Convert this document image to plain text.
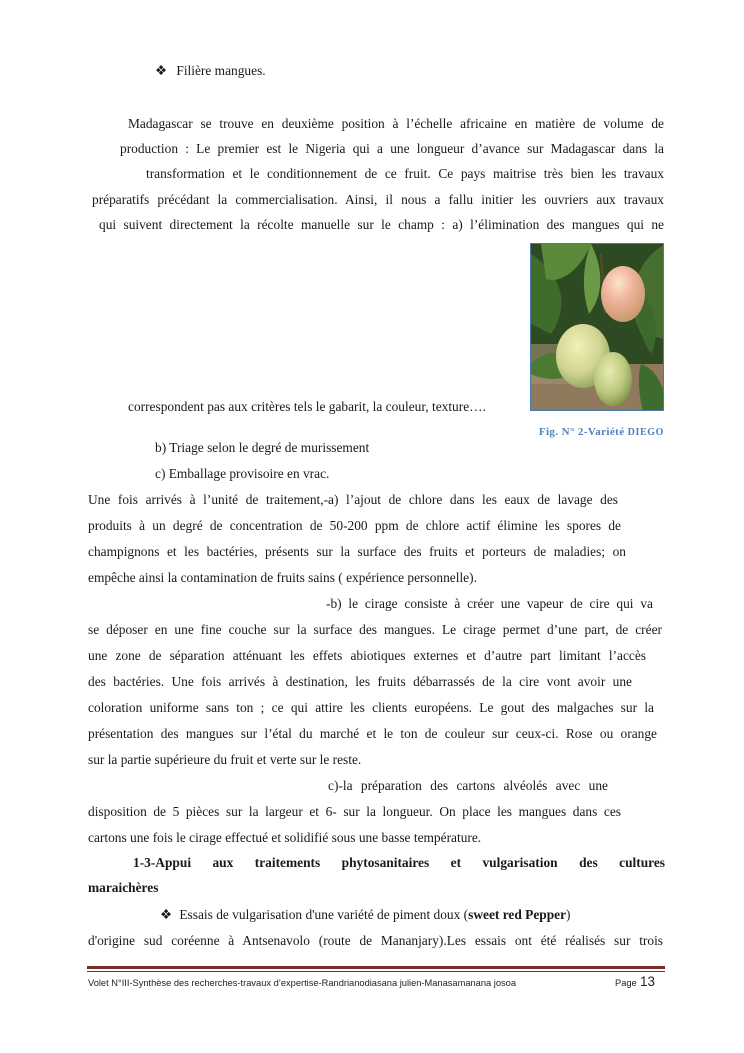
❖ Filière mangues.
Madagascar se trouve en deuxième position à l’échelle africaine en matière de volume de
production : Le premier est le Nigeria qui a une longueur d’avance sur Madagascar dans la
transformation et le conditionnement de ce fruit. Ce pays maitrise très bien les travaux
préparatifs précédant la commercialisation. Ainsi, il nous a fallu initier les ouvriers aux travaux
qui suivent directement la récolte manuelle sur le champ : a) l’élimination des mangues qui ne
correspondent pas aux critères tels le gabarit, la couleur, texture….
Fig. N° 2-Variété DIEGO
b) Triage selon le degré de murissement
c) Emballage provisoire en vrac.
Une fois arrivés à l’unité de traitement,-a) l’ajout de chlore dans les eaux de lavage des
produits à un degré de concentration de 50-200 ppm de chlore actif élimine les spores de
champignons et les bactéries, présents sur la surface des fruits et porteurs de maladies; on
empêche ainsi la contamination de fruits sains ( expérience personnelle).
-b) le cirage consiste à créer une vapeur de cire qui va
se déposer en une fine couche sur la surface des mangues. Le cirage permet d’une part, de créer
une zone de séparation atténuant les effets abiotiques externes et d’autre part limitant l’accès
des bactéries. Une fois arrivés à destination, les fruits débarrassés de la cire vont avoir une
coloration uniforme sans ton ; ce qui attire les clients européens. Le gout des malgaches sur la
présentation des mangues sur l’étal du marché et le ton de couleur sur ceux-ci. Rose ou orange
sur la partie supérieure du fruit et verte sur le reste.
c)-la préparation des cartons alvéolés avec une
disposition de 5 pièces sur la largeur et 6- sur la longueur. On place les mangues dans ces
cartons une fois le cirage effectué et solidifié sous une basse température.
1-3-Appui aux traitements phytosanitaires et vulgarisation des cultures
maraichères
❖ Essais de vulgarisation d'une variété de piment doux (sweet red Pepper)
d'origine sud coréenne à Antsenavolo (route de Mananjary).Les essais ont été réalisés sur trois
Volet N°III-Synthèse des recherches-travaux d’expertise-Randrianodiasana julien-Manasamanana josoa	Page 13
